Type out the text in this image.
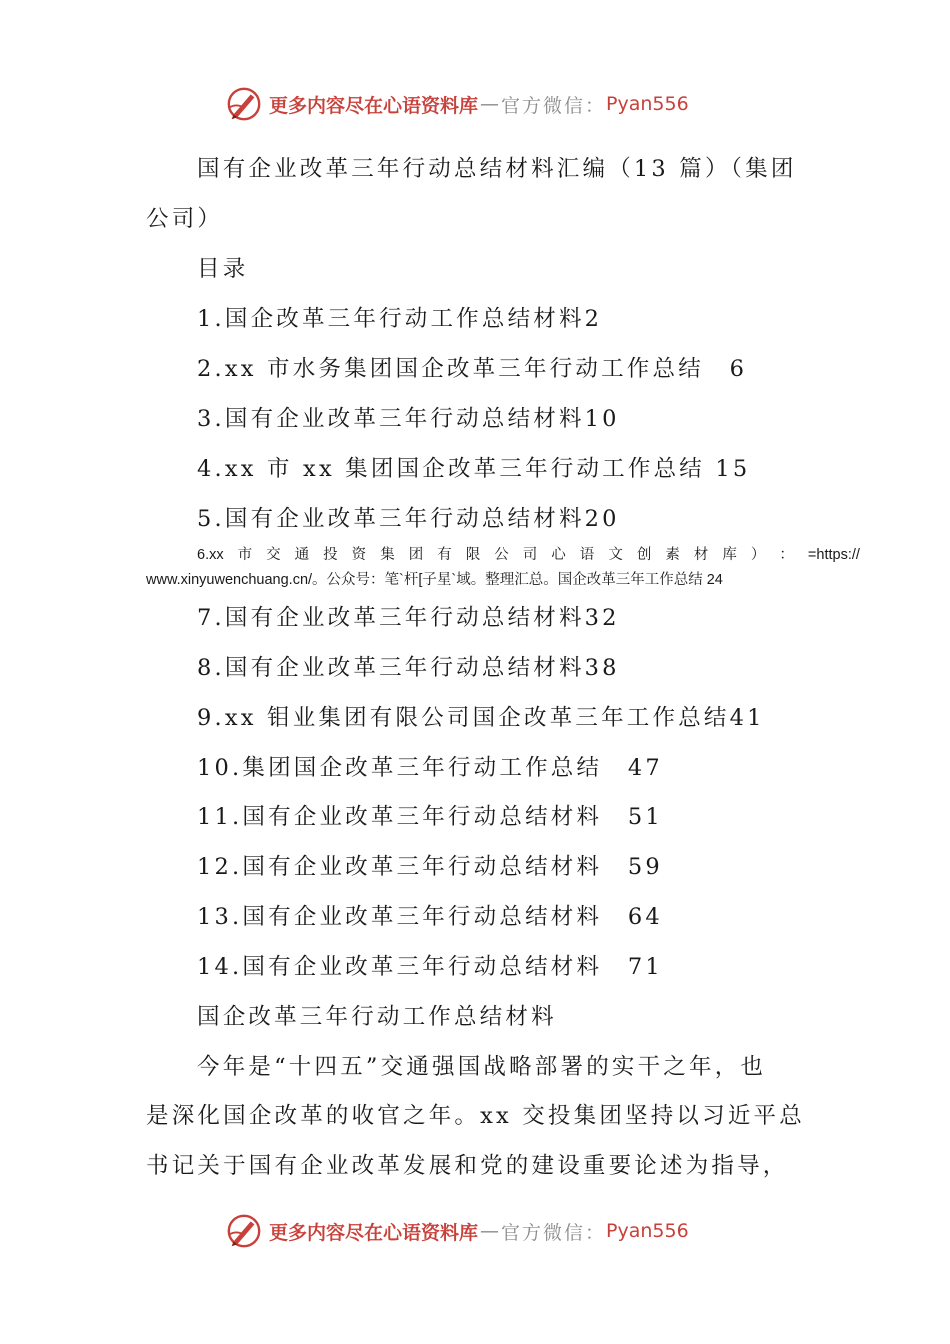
更多内容尽在心语资料库 — 官方微信： Pyan556
国有企业改革三年行动总结材料汇编（13 篇）（集团
公司）
目录
1.国企改革三年行动工作总结材料2
2.xx 市水务集团国企改革三年行动工作总结　6
3.国有企业改革三年行动总结材料10
4.xx 市 xx 集团国企改革三年行动工作总结 15
5.国有企业改革三年行动总结材料20
6.xx 市 交 通 投 资 集 团 有 限 公 司 心 语 文 创 素 材 库 ） ： =https://
www.xinyuwenchuang.cn/。公众号：笔`杆[子星`域。整理汇总。国企改革三年工作总结 24
7.国有企业改革三年行动总结材料32
8.国有企业改革三年行动总结材料38
9.xx 钼业集团有限公司国企改革三年工作总结41
10.集团国企改革三年行动工作总结　47
11.国有企业改革三年行动总结材料　51
12.国有企业改革三年行动总结材料　59
13.国有企业改革三年行动总结材料　64
14.国有企业改革三年行动总结材料　71
国企改革三年行动工作总结材料
今年是“十四五”交通强国战略部署的实干之年，也
是深化国企改革的收官之年。xx 交投集团坚持以习近平总
书记关于国有企业改革发展和党的建设重要论述为指导，
更多内容尽在心语资料库 — 官方微信： Pyan556
